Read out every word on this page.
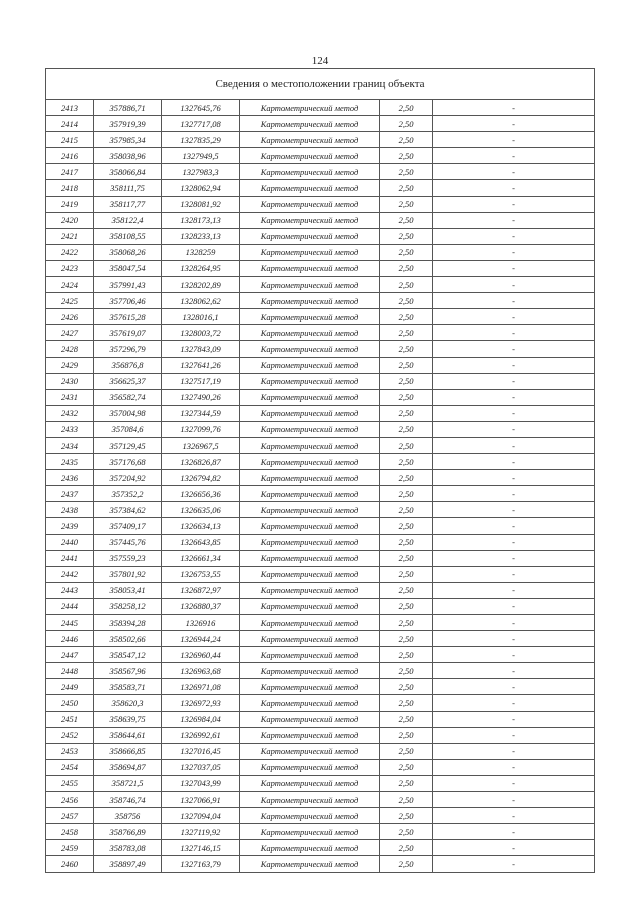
124
Сведения о местоположении границ объекта					
2413	357886,71	1327645,76	Картометрический метод	2,50	-
2414	357919,39	1327717,08	Картометрический метод	2,50	-
2415	357985,34	1327835,29	Картометрический метод	2,50	-
2416	358038,96	1327949,5	Картометрический метод	2,50	-
2417	358066,84	1327983,3	Картометрический метод	2,50	-
2418	358111,75	1328062,94	Картометрический метод	2,50	-
2419	358117,77	1328081,92	Картометрический метод	2,50	-
2420	358122,4	1328173,13	Картометрический метод	2,50	-
2421	358108,55	1328233,13	Картометрический метод	2,50	-
2422	358068,26	1328259	Картометрический метод	2,50	-
2423	358047,54	1328264,95	Картометрический метод	2,50	-
2424	357991,43	1328202,89	Картометрический метод	2,50	-
2425	357706,46	1328062,62	Картометрический метод	2,50	-
2426	357615,28	1328016,1	Картометрический метод	2,50	-
2427	357619,07	1328003,72	Картометрический метод	2,50	-
2428	357296,79	1327843,09	Картометрический метод	2,50	-
2429	356876,8	1327641,26	Картометрический метод	2,50	-
2430	356625,37	1327517,19	Картометрический метод	2,50	-
2431	356582,74	1327490,26	Картометрический метод	2,50	-
2432	357004,98	1327344,59	Картометрический метод	2,50	-
2433	357084,6	1327099,76	Картометрический метод	2,50	-
2434	357129,45	1326967,5	Картометрический метод	2,50	-
2435	357176,68	1326826,87	Картометрический метод	2,50	-
2436	357204,92	1326794,82	Картометрический метод	2,50	-
2437	357352,2	1326656,36	Картометрический метод	2,50	-
2438	357384,62	1326635,06	Картометрический метод	2,50	-
2439	357409,17	1326634,13	Картометрический метод	2,50	-
2440	357445,76	1326643,85	Картометрический метод	2,50	-
2441	357559,23	1326661,34	Картометрический метод	2,50	-
2442	357801,92	1326753,55	Картометрический метод	2,50	-
2443	358053,41	1326872,97	Картометрический метод	2,50	-
2444	358258,12	1326880,37	Картометрический метод	2,50	-
2445	358394,28	1326916	Картометрический метод	2,50	-
2446	358502,66	1326944,24	Картометрический метод	2,50	-
2447	358547,12	1326960,44	Картометрический метод	2,50	-
2448	358567,96	1326963,68	Картометрический метод	2,50	-
2449	358583,71	1326971,08	Картометрический метод	2,50	-
2450	358620,3	1326972,93	Картометрический метод	2,50	-
2451	358639,75	1326984,04	Картометрический метод	2,50	-
2452	358644,61	1326992,61	Картометрический метод	2,50	-
2453	358666,85	1327016,45	Картометрический метод	2,50	-
2454	358694,87	1327037,05	Картометрический метод	2,50	-
2455	358721,5	1327043,99	Картометрический метод	2,50	-
2456	358746,74	1327066,91	Картометрический метод	2,50	-
2457	358756	1327094,04	Картометрический метод	2,50	-
2458	358766,89	1327119,92	Картометрический метод	2,50	-
2459	358783,08	1327146,15	Картометрический метод	2,50	-
2460	358897,49	1327163,79	Картометрический метод	2,50	-
